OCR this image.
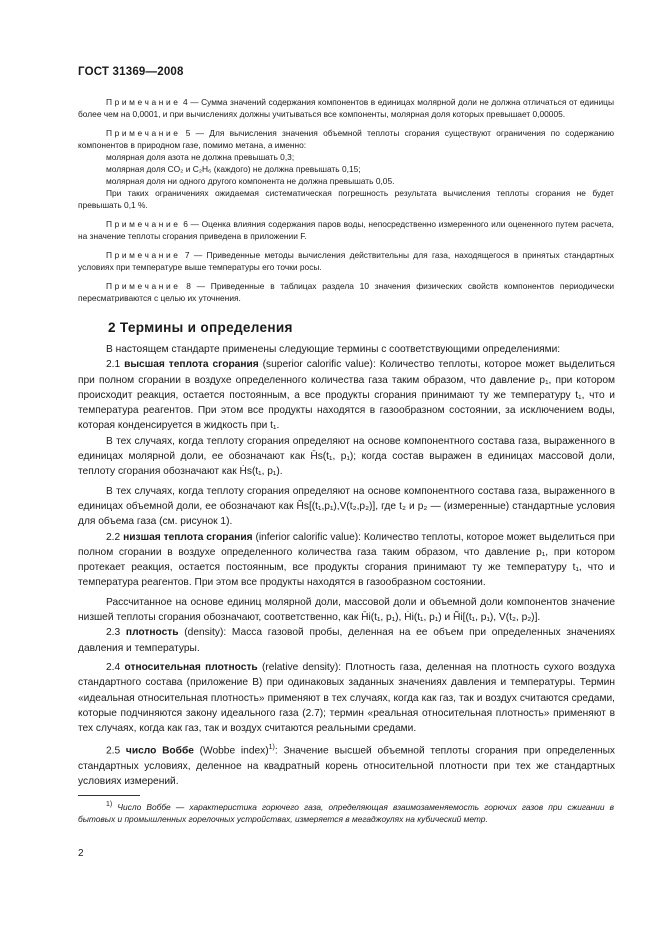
ГОСТ 31369—2008

Примечание 4 — Сумма значений содержания компонентов в единицах молярной доли не должна отличаться от единицы более чем на 0,0001, и при вычислениях должны учитываться все компоненты, молярная доля которых превышает 0,00005.

Примечание 5 — Для вычисления значения объемной теплоты сгорания существуют ограничения по содержанию компонентов в природном газе, помимо метана, а именно:

молярная доля азота не должна превышать 0,3;

молярная доля CO₂ и C₂H₆ (каждого) не должна превышать 0,15;

молярная доля ни одного другого компонента не должна превышать 0,05.

При таких ограничениях ожидаемая систематическая погрешность результата вычисления теплоты сгорания не будет превышать 0,1 %.

Примечание 6 — Оценка влияния содержания паров воды, непосредственно измеренного или оцененного путем расчета, на значение теплоты сгорания приведена в приложении F.

Примечание 7 — Приведенные методы вычисления действительны для газа, находящегося в принятых стандартных условиях при температуре выше температуры его точки росы.

Примечание 8 — Приведенные в таблицах раздела 10 значения физических свойств компонентов периодически пересматриваются с целью их уточнения.

2 Термины и определения

В настоящем стандарте применены следующие термины с соответствующими определениями:

2.1 высшая теплота сгорания (superior calorific value): Количество теплоты, которое может выделиться при полном сгорании в воздухе определенного количества газа таким образом, что давление p₁, при котором происходит реакция, остается постоянным, а все продукты сгорания принимают ту же температуру t₁, что и температура реагентов. При этом все продукты находятся в газообразном состоянии, за исключением воды, которая конденсируется в жидкость при t₁.

В тех случаях, когда теплоту сгорания определяют на основе компонентного состава газа, выраженного в единицах молярной доли, ее обозначают как H̄s(t₁, p₁); когда состав выражен в единицах массовой доли, теплоту сгорания обозначают как Ḣs(t₁, p₁).

В тех случаях, когда теплоту сгорания определяют на основе компонентного состава газа, выраженного в единицах объемной доли, ее обозначают как H̃s[(t₁,p₁),V(t₂,p₂)], где t₂ и p₂ — (измеренные) стандартные условия для объема газа (см. рисунок 1).

2.2 низшая теплота сгорания (inferior calorific value): Количество теплоты, которое может выделиться при полном сгорании в воздухе определенного количества газа таким образом, что давление p₁, при котором протекает реакция, остается постоянным, все продукты сгорания принимают ту же температуру t₁, что и температура реагентов. При этом все продукты находятся в газообразном состоянии.

Рассчитанное на основе единиц молярной доли, массовой доли и объемной доли компонентов значение низшей теплоты сгорания обозначают, соответственно, как H̄i(t₁, p₁), Ḣi(t₁, p₁) и H̃i[(t₁, p₁), V(t₂, p₂)].

2.3 плотность (density): Масса газовой пробы, деленная на ее объем при определенных значениях давления и температуры.

2.4 относительная плотность (relative density): Плотность газа, деленная на плотность сухого воздуха стандартного состава (приложение В) при одинаковых заданных значениях давления и температуры. Термин «идеальная относительная плотность» применяют в тех случаях, когда как газ, так и воздух считаются средами, которые подчиняются закону идеального газа (2.7); термин «реальная относительная плотность» применяют в тех случаях, когда как газ, так и воздух считаются реальными средами.

2.5 число Воббе (Wobbe index)$^{1)}$: Значение высшей объемной теплоты сгорания при определенных стандартных условиях, деленное на квадратный корень относительной плотности при тех же стандартных условиях измерений.

$^{1)}$ Число Воббе — характеристика горючего газа, определяющая взаимозаменяемость горючих газов при сжигании в бытовых и промышленных горелочных устройствах, измеряется в мегаджоулях на кубический метр.
2
